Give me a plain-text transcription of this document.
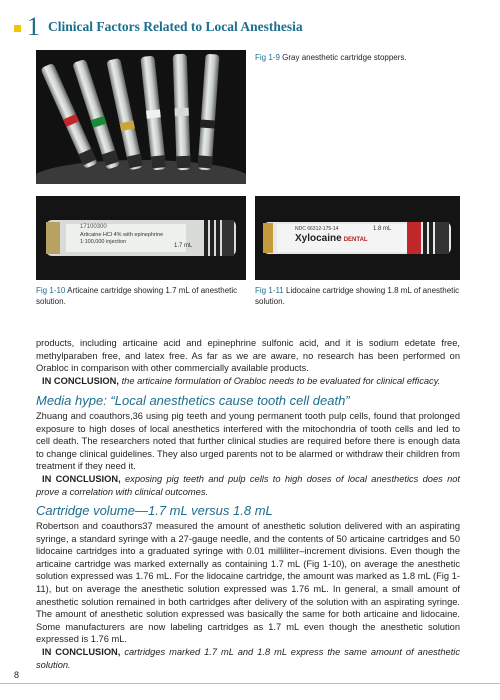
1 Clinical Factors Related to Local Anesthesia
Fig 1-9 Gray anesthetic cartridge stoppers.
17100300
Articaine HCl 4% with epinephrine
1:100,000 injection
1.7 mL
Fig 1-10 Articaine cartridge showing 1.7 mL of anesthetic solution.
NDC 66312-175-14
Xylocaine DENTAL
1.8 mL
Fig 1-11 Lidocaine cartridge showing 1.8 mL of anesthetic solution.

products, including articaine acid and epinephrine sulfonic acid, and it is sodium edetate free, methylparaben free, and latex free. As far as we are aware, no research has been performed on Orabloc in comparison with other commercially available products.

IN CONCLUSION, the articaine formulation of Orabloc needs to be evaluated for clinical efficacy.

Media hype: “Local anesthetics cause tooth cell death”

Zhuang and coauthors,36 using pig teeth and young permanent tooth pulp cells, found that prolonged exposure to high doses of local anesthetics interfered with the mitochondria of tooth cells and led to cell death. The researchers noted that further clinical studies are required before there is enough data to change clinical guidelines. They also urged parents not to be alarmed or withdraw their children from treatment if they need it.

IN CONCLUSION, exposing pig teeth and pulp cells to high doses of local anesthetics does not prove a correlation with clinical outcomes.

Cartridge volume—1.7 mL versus 1.8 mL

Robertson and coauthors37 measured the amount of anesthetic solution delivered with an aspirating syringe, a standard syringe with a 27-gauge needle, and the contents of 50 articaine cartridges and 50 lidocaine cartridges into a graduated syringe with 0.01 milliliter–increment divisions. Even though the articaine cartridge was marked externally as containing 1.7 mL (Fig 1-10), on average the anesthetic solution expressed was 1.76 mL. For the lidocaine cartridge, the amount was marked as 1.8 mL (Fig 1-11), but on average the anesthetic solution expressed was 1.76 mL. In general, a small amount of anesthetic solution remained in both cartridges after delivery of the solution with an aspirating syringe. The amount of anesthetic solution expressed was basically the same for both articaine and lidocaine. Some manufacturers are now labeling cartridges as 1.7 mL even though the anesthetic solution expressed is 1.76 mL.

IN CONCLUSION, cartridges marked 1.7 mL and 1.8 mL express the same amount of anesthetic solution.

8
